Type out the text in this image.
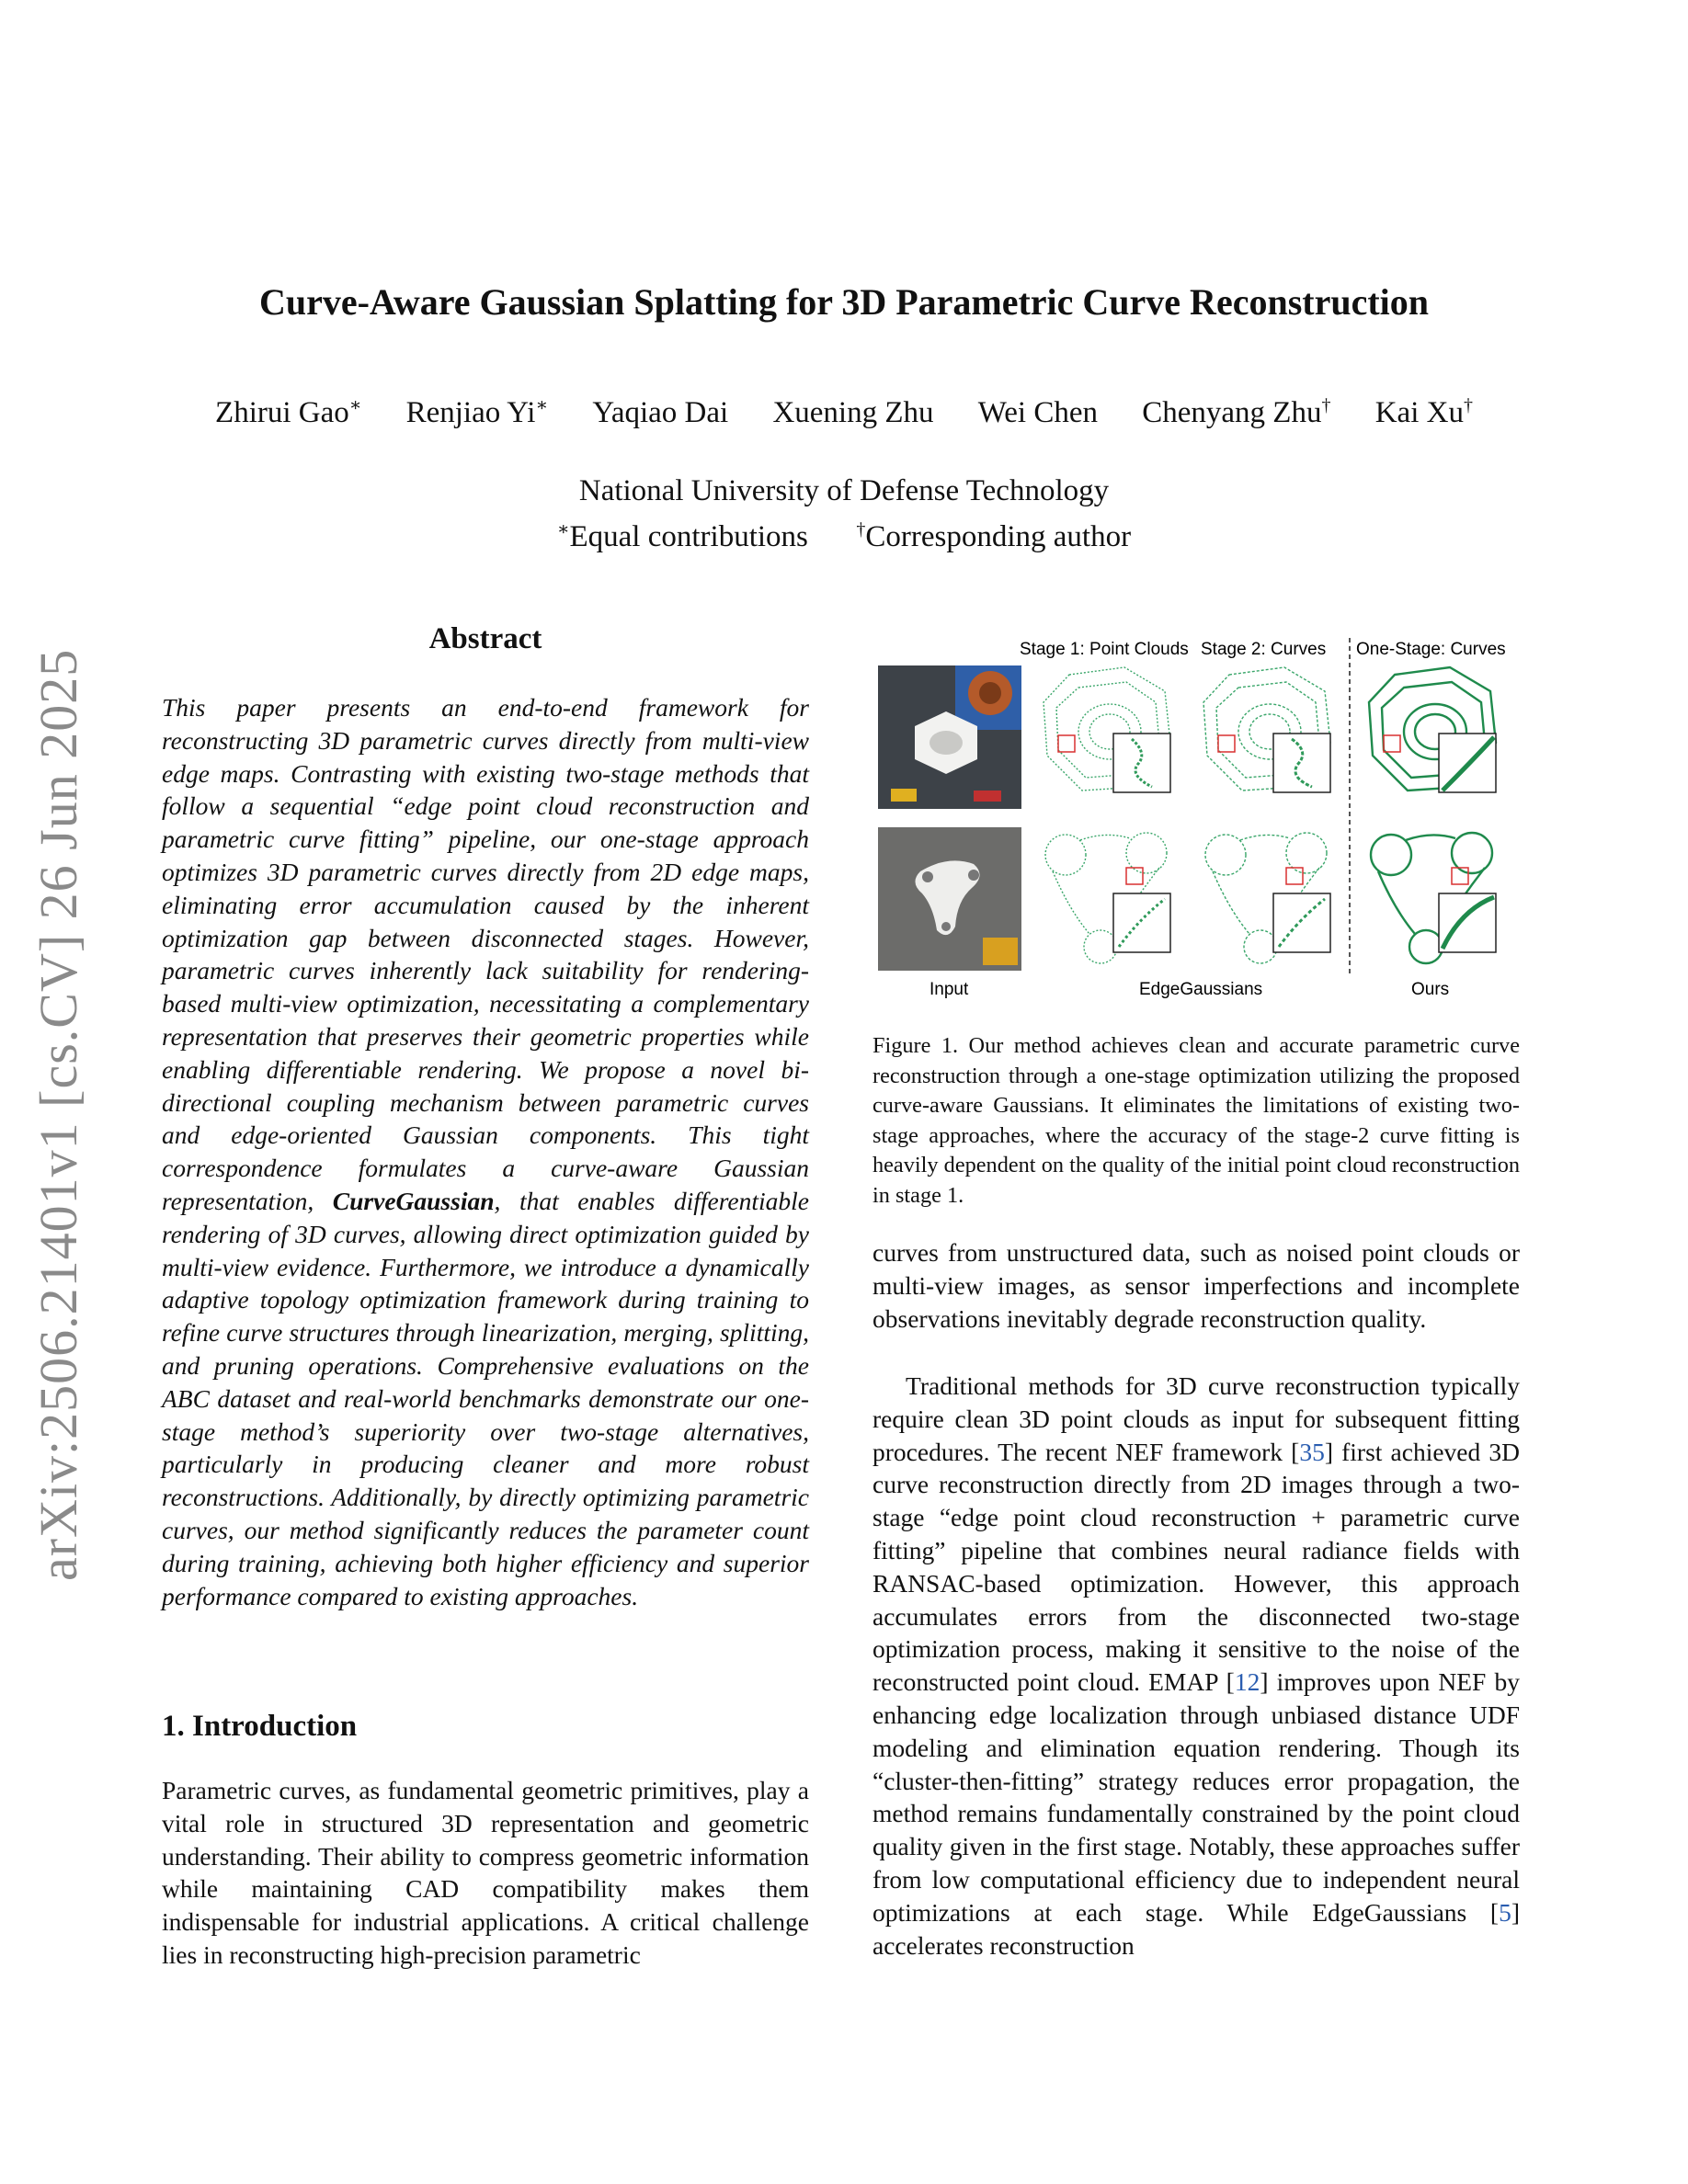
arXiv:2506.21401v1 [cs.CV] 26 Jun 2025
Curve-Aware Gaussian Splatting for 3D Parametric Curve Reconstruction
Zhirui Gao∗ Renjiao Yi∗ Yaqiao Dai Xuening Zhu Wei Chen Chenyang Zhu† Kai Xu†
National University of Defense Technology
∗Equal contributions	†Corresponding author
Abstract
This paper presents an end-to-end framework for reconstructing 3D parametric curves directly from multi-view edge maps. Contrasting with existing two-stage methods that follow a sequential “edge point cloud reconstruction and parametric curve fitting” pipeline, our one-stage approach optimizes 3D parametric curves directly from 2D edge maps, eliminating error accumulation caused by the inherent optimization gap between disconnected stages. However, parametric curves inherently lack suitability for rendering-based multi-view optimization, necessitating a complementary representation that preserves their geometric properties while enabling differentiable rendering. We propose a novel bi-directional coupling mechanism between parametric curves and edge-oriented Gaussian components. This tight correspondence formulates a curve-aware Gaussian representation, CurveGaussian, that enables differentiable rendering of 3D curves, allowing direct optimization guided by multi-view evidence. Furthermore, we introduce a dynamically adaptive topology optimization framework during training to refine curve structures through linearization, merging, splitting, and pruning operations. Comprehensive evaluations on the ABC dataset and real-world benchmarks demonstrate our one-stage method’s superiority over two-stage alternatives, particularly in producing cleaner and more robust reconstructions. Additionally, by directly optimizing parametric curves, our method significantly reduces the parameter count during training, achieving both higher efficiency and superior performance compared to existing approaches.
1. Introduction
Parametric curves, as fundamental geometric primitives, play a vital role in structured 3D representation and geometric understanding. Their ability to compress geometric information while maintaining CAD compatibility makes them indispensable for industrial applications. A critical challenge lies in reconstructing high-precision parametric
Stage 1: Point Clouds Stage 2: Curves One-Stage: Curves
Input	EdgeGaussians	Ours
Figure 1. Our method achieves clean and accurate parametric curve reconstruction through a one-stage optimization utilizing the proposed curve-aware Gaussians. It eliminates the limitations of existing two-stage approaches, where the accuracy of the stage-2 curve fitting is heavily dependent on the quality of the initial point cloud reconstruction in stage 1.
curves from unstructured data, such as noised point clouds or multi-view images, as sensor imperfections and incomplete observations inevitably degrade reconstruction quality.
Traditional methods for 3D curve reconstruction typically require clean 3D point clouds as input for subsequent fitting procedures. The recent NEF framework [35] first achieved 3D curve reconstruction directly from 2D images through a two-stage “edge point cloud reconstruction + parametric curve fitting” pipeline that combines neural radiance fields with RANSAC-based optimization. However, this approach accumulates errors from the disconnected two-stage optimization process, making it sensitive to the noise of the reconstructed point cloud. EMAP [12] improves upon NEF by enhancing edge localization through unbiased distance UDF modeling and elimination equation rendering. Though its “cluster-then-fitting” strategy reduces error propagation, the method remains fundamentally constrained by the point cloud quality given in the first stage. Notably, these approaches suffer from low computational efficiency due to independent neural optimizations at each stage. While EdgeGaussians [5] accelerates reconstruction
